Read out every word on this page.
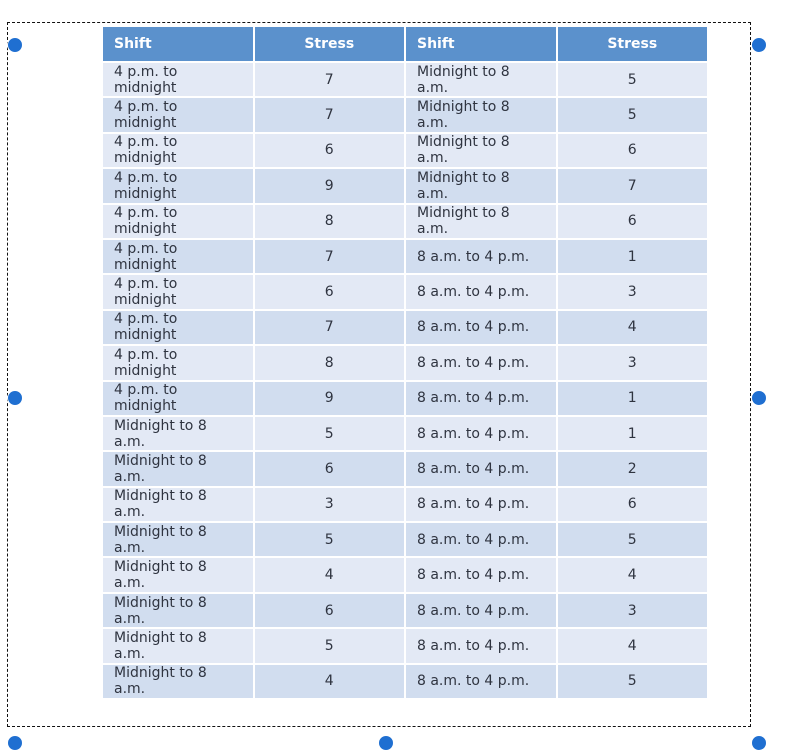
Shift	Stress	Shift	Stress
4 p.m. to midnight	7	Midnight to 8 a.m.	5
4 p.m. to midnight	7	Midnight to 8 a.m.	5
4 p.m. to midnight	6	Midnight to 8 a.m.	6
4 p.m. to midnight	9	Midnight to 8 a.m.	7
4 p.m. to midnight	8	Midnight to 8 a.m.	6
4 p.m. to midnight	7	8 a.m. to 4 p.m.	1
4 p.m. to midnight	6	8 a.m. to 4 p.m.	3
4 p.m. to midnight	7	8 a.m. to 4 p.m.	4
4 p.m. to midnight	8	8 a.m. to 4 p.m.	3
4 p.m. to midnight	9	8 a.m. to 4 p.m.	1
Midnight to 8 a.m.	5	8 a.m. to 4 p.m.	1
Midnight to 8 a.m.	6	8 a.m. to 4 p.m.	2
Midnight to 8 a.m.	3	8 a.m. to 4 p.m.	6
Midnight to 8 a.m.	5	8 a.m. to 4 p.m.	5
Midnight to 8 a.m.	4	8 a.m. to 4 p.m.	4
Midnight to 8 a.m.	6	8 a.m. to 4 p.m.	3
Midnight to 8 a.m.	5	8 a.m. to 4 p.m.	4
Midnight to 8 a.m.	4	8 a.m. to 4 p.m.	5
